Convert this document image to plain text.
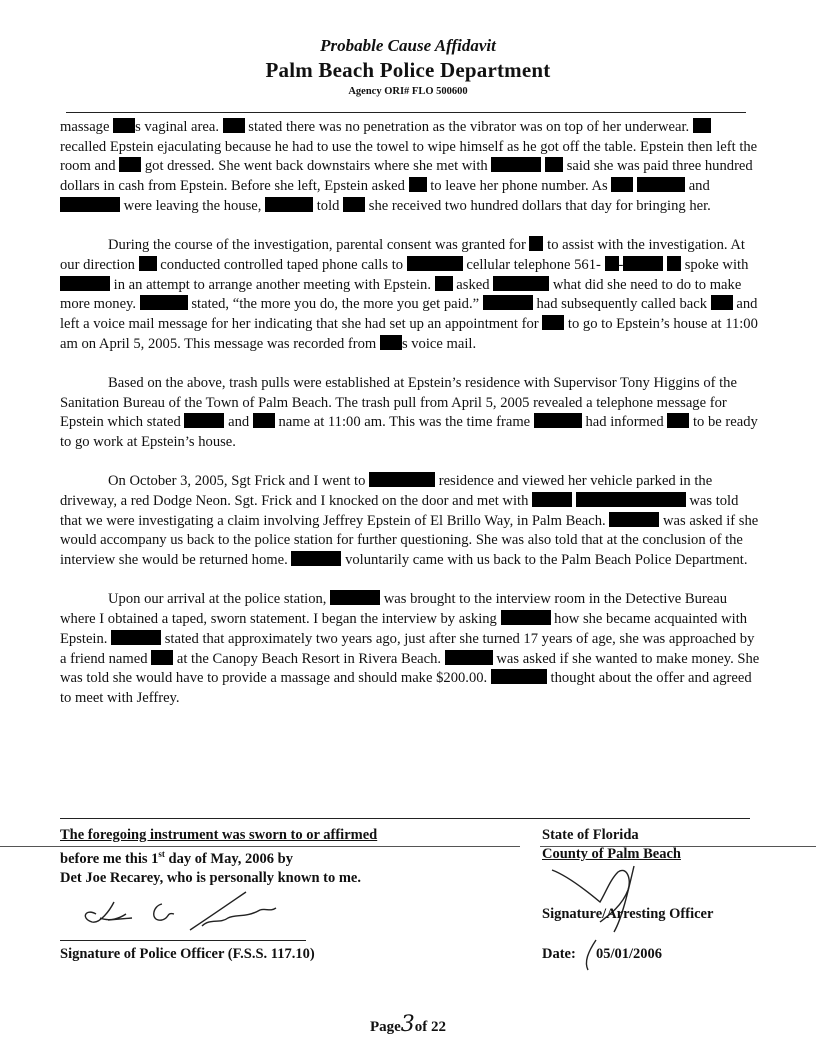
Probable Cause Affidavit
Palm Beach Police Department
Agency ORI# FLO 500600

massage s vaginal area. stated there was no penetration as the vibrator was on top of her underwear.  recalled Epstein ejaculating because he had to use the towel to wipe himself as he got off the table. Epstein then left the room and got dressed. She went back downstairs where she met with	said she was paid three hundred dollars in cash from Epstein. Before she left, Epstein asked to leave her phone number. As	and  were leaving the house,	told she received two hundred dollars that day for bringing her.

During the course of the investigation, parental consent was granted for to assist with the investigation. At our direction conducted controlled taped phone calls to	cellular telephone 561- -	spoke with  in an attempt to arrange another meeting with Epstein. asked	what did she need to do to make more money.	stated, “the more you do, the more you get paid.”	had subsequently called back and left a voice mail message for her indicating that she had set up an appointment for to go to Epstein’s house at 11:00 am on April 5, 2005. This message was recorded from s voice mail.

Based on the above, trash pulls were established at Epstein’s residence with Supervisor Tony Higgins of the Sanitation Bureau of the Town of Palm Beach. The trash pull from April 5, 2005 revealed a telephone message for Epstein which stated	and name at 11:00 am. This was the time frame	had informed to be ready to go work at Epstein’s house.

On October 3, 2005, Sgt Frick and I went to	residence and viewed her vehicle parked in the driveway, a red Dodge Neon. Sgt. Frick and I knocked on the door and met with	was told that we were investigating a claim involving Jeffrey Epstein of El Brillo Way, in Palm Beach.	was asked if she would accompany us back to the police station for further questioning. She was also told that at the conclusion of the interview she would be returned home.	voluntarily came with us back to the Palm Beach Police Department.

Upon our arrival at the police station,	was brought to the interview room in the Detective Bureau where I obtained a taped, sworn statement. I began the interview by asking	how she became acquainted with Epstein.	stated that approximately two years ago, just after she turned 17 years of age, she was approached by a friend named at the Canopy Beach Resort in Rivera Beach.	was asked if she wanted to make money. She was told she would have to provide a massage and should make $200.00.	thought about the offer and agreed to meet with Jeffrey.

The foregoing instrument was sworn to or affirmed
before me this 1st day of May, 2006 by
Det Joe Recarey, who is personally known to me.
Signature of Police Officer (F.S.S. 117.10)
State of Florida
County of Palm Beach
Signature/Arresting Officer
Date: 05/01/2006
Page3of 22
